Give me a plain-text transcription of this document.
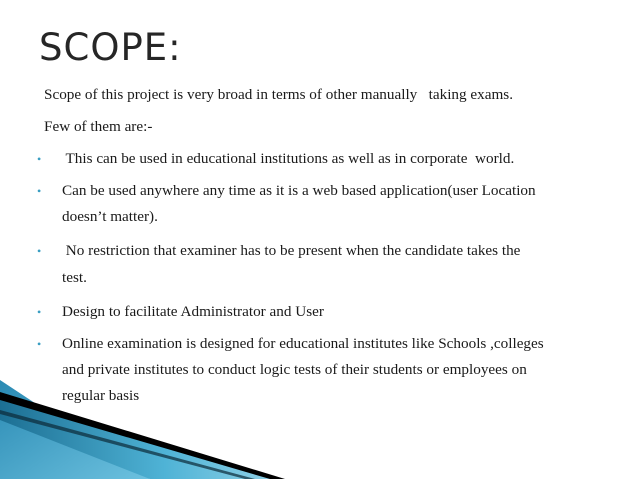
SCOPE:

Scope of this project is very broad in terms of other manually   taking exams.

Few of them are:-

• This can be used in educational institutions as well as in corporate  world.

• Can be used anywhere any time as it is a web based application(user Location

doesn’t matter).

• No restriction that examiner has to be present when the candidate takes the

test.

• Design to facilitate Administrator and User

• Online examination is designed for educational institutes like Schools ,colleges

and private institutes to conduct logic tests of their students or employees on

regular basis
